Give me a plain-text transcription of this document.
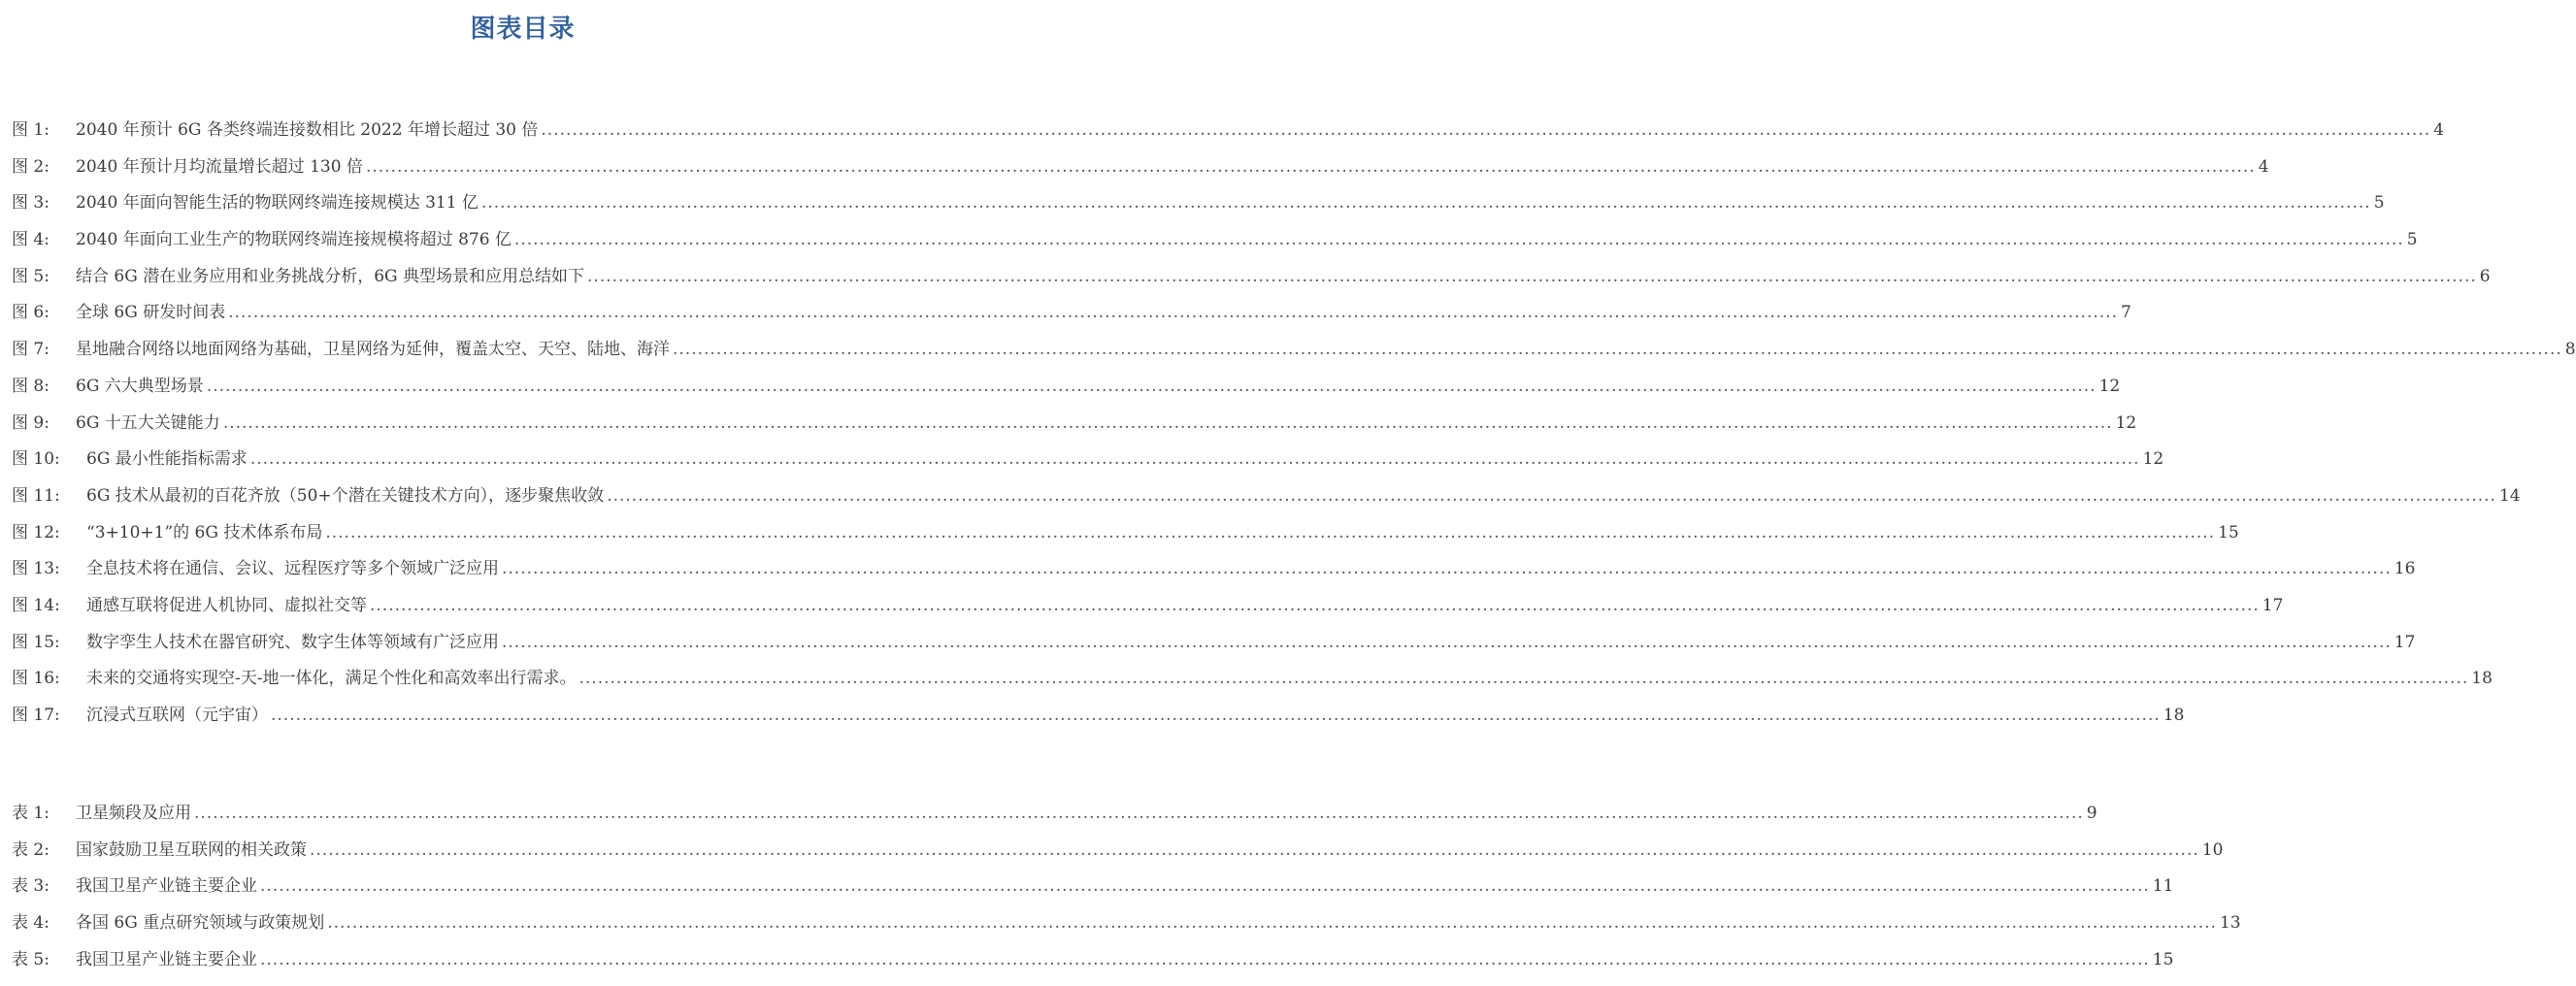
图表目录
图 1:	2040 年预计 6G 各类终端连接数相比 2022 年增长超过 30 倍 .....	4
图 2:	2040 年预计月均流量增长超过 130 倍 .....	4
图 3:	2040 年面向智能生活的物联网终端连接规模达 311 亿 .....	5
图 4:	2040 年面向工业生产的物联网终端连接规模将超过 876 亿 .....	5
图 5:	结合 6G 潜在业务应用和业务挑战分析，6G 典型场景和应用总结如下 .....	6
图 6:	全球 6G 研发时间表 .....	7
图 7:	星地融合网络以地面网络为基础，卫星网络为延伸，覆盖太空、天空、陆地、海洋 .....	8
图 8:	6G 六大典型场景 .....	12
图 9:	6G 十五大关键能力 .....	12
图 10:	6G 最小性能指标需求 .....	12
图 11:	6G 技术从最初的百花齐放（50+个潜在关键技术方向），逐步聚焦收敛 .....	14
图 12:	“3+10+1”的 6G 技术体系布局 .....	15
图 13:	全息技术将在通信、会议、远程医疗等多个领域广泛应用 .....	16
图 14:	通感互联将促进人机协同、虚拟社交等 .....	17
图 15:	数字孪生人技术在器官研究、数字生体等领域有广泛应用 .....	17
图 16:	未来的交通将实现空-天-地一体化，满足个性化和高效率出行需求。 .....	18
图 17:	沉浸式互联网（元宇宙） .....	18
表 1:	卫星频段及应用 .....	9
表 2:	国家鼓励卫星互联网的相关政策 .....	10
表 3:	我国卫星产业链主要企业 .....	11
表 4:	各国 6G 重点研究领域与政策规划 .....	13
表 5:	我国卫星产业链主要企业 .....	15
